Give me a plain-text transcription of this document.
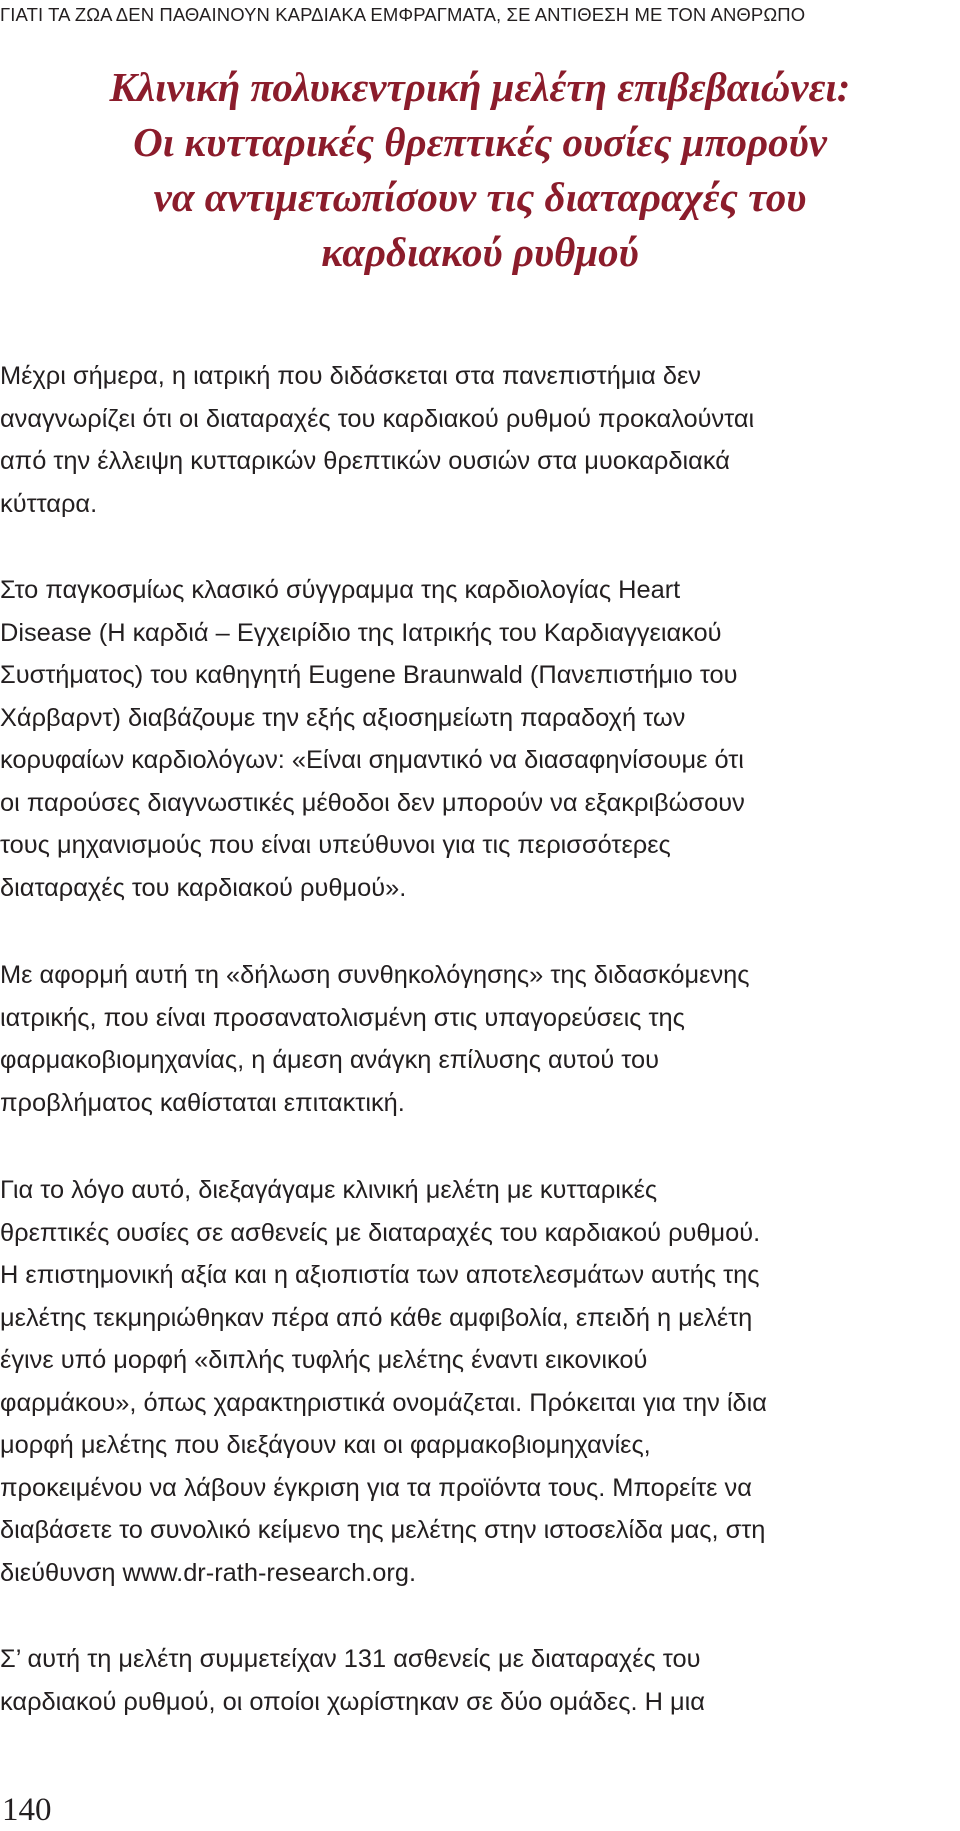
ΓΙΑΤΙ ΤΑ ΖΩΑ ΔΕΝ ΠΑΘΑΙΝΟΥΝ ΚΑΡΔΙΑΚΑ ΕΜΦΡΑΓΜΑΤΑ, ΣΕ ΑΝΤΙΘΕΣΗ ΜΕ ΤΟΝ ΑΝΘΡΩΠΟ
Κλινική πολυκεντρική μελέτη επιβεβαιώνει:
Οι κυτταρικές θρεπτικές ουσίες μπορούν
να αντιμετωπίσουν τις διαταραχές του
καρδιακού ρυθμού

Μέχρι σήμερα, η ιατρική που διδάσκεται στα πανεπιστήμια δεν
αναγνωρίζει ότι οι διαταραχές του καρδιακού ρυθμού προκαλούνται
από την έλλειψη κυτταρικών θρεπτικών ουσιών στα μυοκαρδιακά
κύτταρα.

Στο παγκοσμίως κλασικό σύγγραμμα της καρδιολογίας Heart
Disease (Η καρδιά – Εγχειρίδιο της Ιατρικής του Καρδιαγγειακού
Συστήματος) του καθηγητή Eugene Braunwald (Πανεπιστήμιο του
Χάρβαρντ) διαβάζουμε την εξής αξιοσημείωτη παραδοχή των
κορυφαίων καρδιολόγων: «Είναι σημαντικό να διασαφηνίσουμε ότι
οι παρούσες διαγνωστικές μέθοδοι δεν μπορούν να εξακριβώσουν
τους μηχανισμούς που είναι υπεύθυνοι για τις περισσότερες
διαταραχές του καρδιακού ρυθμού».

Με αφορμή αυτή τη «δήλωση συνθηκολόγησης» της διδασκόμενης
ιατρικής, που είναι προσανατολισμένη στις υπαγορεύσεις της
φαρμακοβιομηχανίας, η άμεση ανάγκη επίλυσης αυτού του
προβλήματος καθίσταται επιτακτική.

Για το λόγο αυτό, διεξαγάγαμε κλινική μελέτη με κυτταρικές
θρεπτικές ουσίες σε ασθενείς με διαταραχές του καρδιακού ρυθμού.
Η επιστημονική αξία και η αξιοπιστία των αποτελεσμάτων αυτής της
μελέτης τεκμηριώθηκαν πέρα από κάθε αμφιβολία, επειδή η μελέτη
έγινε υπό μορφή «διπλής τυφλής μελέτης έναντι εικονικού
φαρμάκου», όπως χαρακτηριστικά ονομάζεται. Πρόκειται για την ίδια
μορφή μελέτης που διεξάγουν και οι φαρμακοβιομηχανίες,
προκειμένου να λάβουν έγκριση για τα προϊόντα τους. Μπορείτε να
διαβάσετε το συνολικό κείμενο της μελέτης στην ιστοσελίδα μας, στη
διεύθυνση www.dr-rath-research.org.

Σ’ αυτή τη μελέτη συμμετείχαν 131 ασθενείς με διαταραχές του
καρδιακού ρυθμού, οι οποίοι χωρίστηκαν σε δύο ομάδες. Η μια

140
